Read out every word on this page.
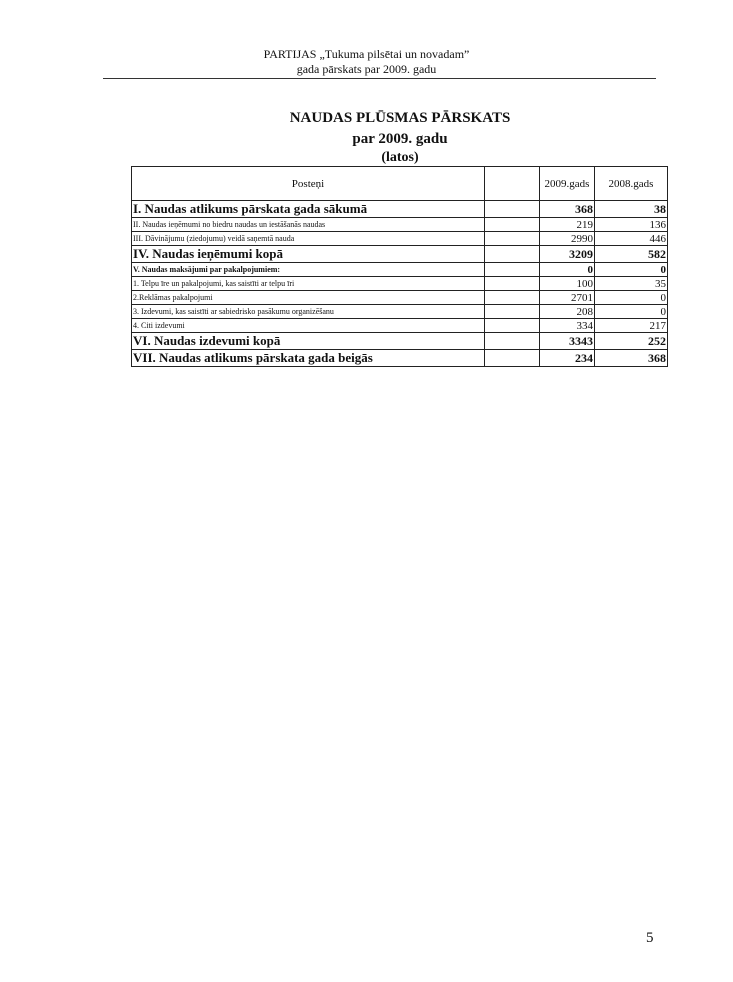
PARTIJAS „Tukuma pilsētai un novadam”
gada pārskats par 2009. gadu
NAUDAS PLŪSMAS PĀRSKATS
par 2009. gadu
(latos)
Posteņi		2009.gads	2008.gads
I. Naudas atlikums pārskata gada sākumā		368	38
II. Naudas ieņēmumi no biedru naudas un iestāšanās naudas		219	136
III. Dāvinājumu (ziedojumu) veidā saņemtā nauda		2990	446
IV. Naudas ieņēmumi kopā		3209	582
V. Naudas maksājumi par pakalpojumiem:		0	0
1. Telpu īre un pakalpojumi, kas saistīti ar telpu īri		100	35
2.Reklāmas pakalpojumi		2701	0
3. Izdevumi, kas saistīti ar sabiedrisko pasākumu organizēšanu		208	0
4. Citi izdevumi		334	217
VI. Naudas izdevumi kopā		3343	252
VII. Naudas atlikums pārskata gada beigās		234	368
5
